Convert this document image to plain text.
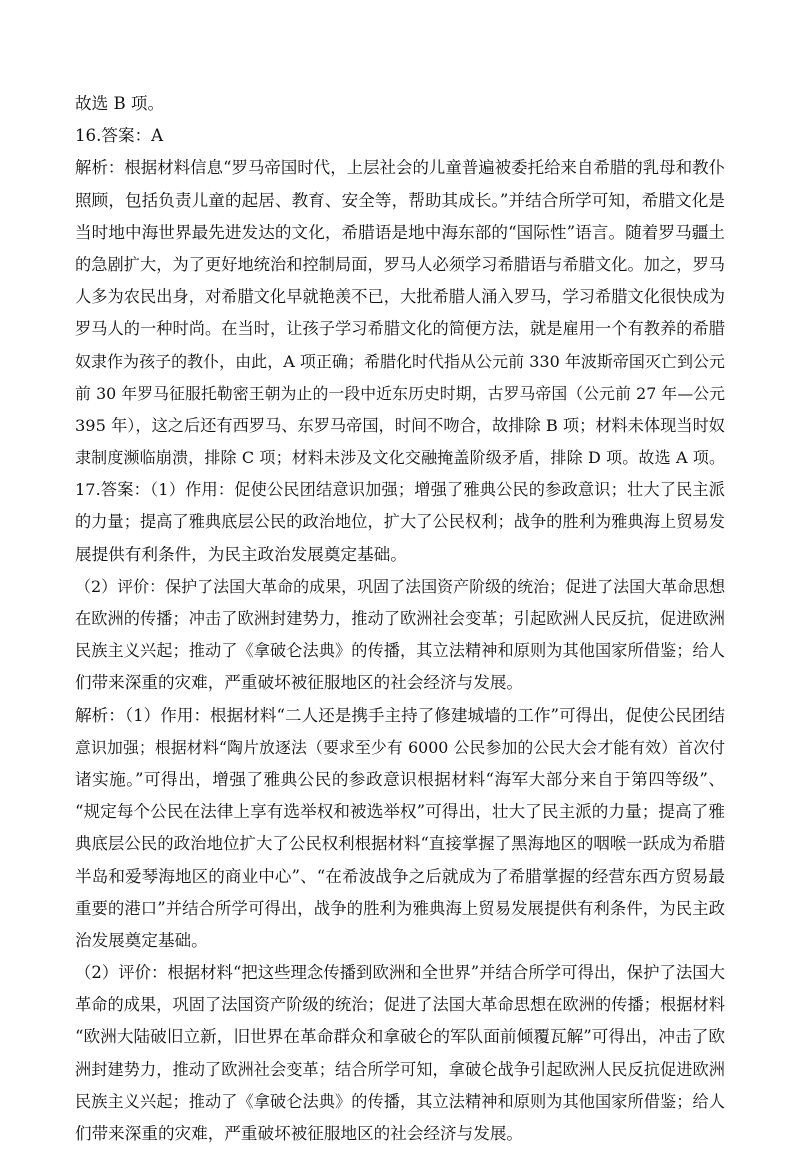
故选 B 项。
16.答案：A
解析：根据材料信息“罗马帝国时代，上层社会的儿童普遍被委托给来自希腊的乳母和教仆
照顾，包括负责儿童的起居、教育、安全等，帮助其成长。”并结合所学可知，希腊文化是
当时地中海世界最先进发达的文化，希腊语是地中海东部的“国际性”语言。随着罗马疆土
的急剧扩大，为了更好地统治和控制局面，罗马人必须学习希腊语与希腊文化。加之，罗马
人多为农民出身，对希腊文化早就艳羡不已，大批希腊人涌入罗马，学习希腊文化很快成为
罗马人的一种时尚。在当时，让孩子学习希腊文化的简便方法，就是雇用一个有教养的希腊
奴隶作为孩子的教仆，由此，A 项正确；希腊化时代指从公元前 330 年波斯帝国灭亡到公元
前 30 年罗马征服托勒密王朝为止的一段中近东历史时期，古罗马帝国（公元前 27 年—公元
395 年），这之后还有西罗马、东罗马帝国，时间不吻合，故排除 B 项；材料未体现当时奴
隶制度濒临崩溃，排除 C 项；材料未涉及文化交融掩盖阶级矛盾，排除 D 项。故选 A 项。
17.答案：（1）作用：促使公民团结意识加强；增强了雅典公民的参政意识；壮大了民主派
的力量；提高了雅典底层公民的政治地位，扩大了公民权利；战争的胜利为雅典海上贸易发
展提供有利条件，为民主政治发展奠定基础。
（2）评价：保护了法国大革命的成果，巩固了法国资产阶级的统治；促进了法国大革命思想
在欧洲的传播；冲击了欧洲封建势力，推动了欧洲社会变革；引起欧洲人民反抗，促进欧洲
民族主义兴起；推动了《拿破仑法典》的传播，其立法精神和原则为其他国家所借鉴；给人
们带来深重的灾难，严重破坏被征服地区的社会经济与发展。
解析：（1）作用：根据材料“二人还是携手主持了修建城墙的工作”可得出，促使公民团结
意识加强；根据材料“陶片放逐法（要求至少有 6000 公民参加的公民大会才能有效）首次付
诸实施。”可得出，增强了雅典公民的参政意识根据材料“海军大部分来自于第四等级”、
“规定每个公民在法律上享有选举权和被选举权”可得出，壮大了民主派的力量；提高了雅
典底层公民的政治地位扩大了公民权利根据材料“直接掌握了黑海地区的咽喉一跃成为希腊
半岛和爱琴海地区的商业中心”、“在希波战争之后就成为了希腊掌握的经营东西方贸易最
重要的港口”并结合所学可得出，战争的胜利为雅典海上贸易发展提供有利条件，为民主政
治发展奠定基础。
（2）评价：根据材料“把这些理念传播到欧洲和全世界”并结合所学可得出，保护了法国大
革命的成果，巩固了法国资产阶级的统治；促进了法国大革命思想在欧洲的传播；根据材料
“欧洲大陆破旧立新，旧世界在革命群众和拿破仑的军队面前倾覆瓦解”可得出，冲击了欧
洲封建势力，推动了欧洲社会变革；结合所学可知，拿破仑战争引起欧洲人民反抗促进欧洲
民族主义兴起；推动了《拿破仑法典》的传播，其立法精神和原则为其他国家所借鉴；给人
们带来深重的灾难，严重破坏被征服地区的社会经济与发展。
